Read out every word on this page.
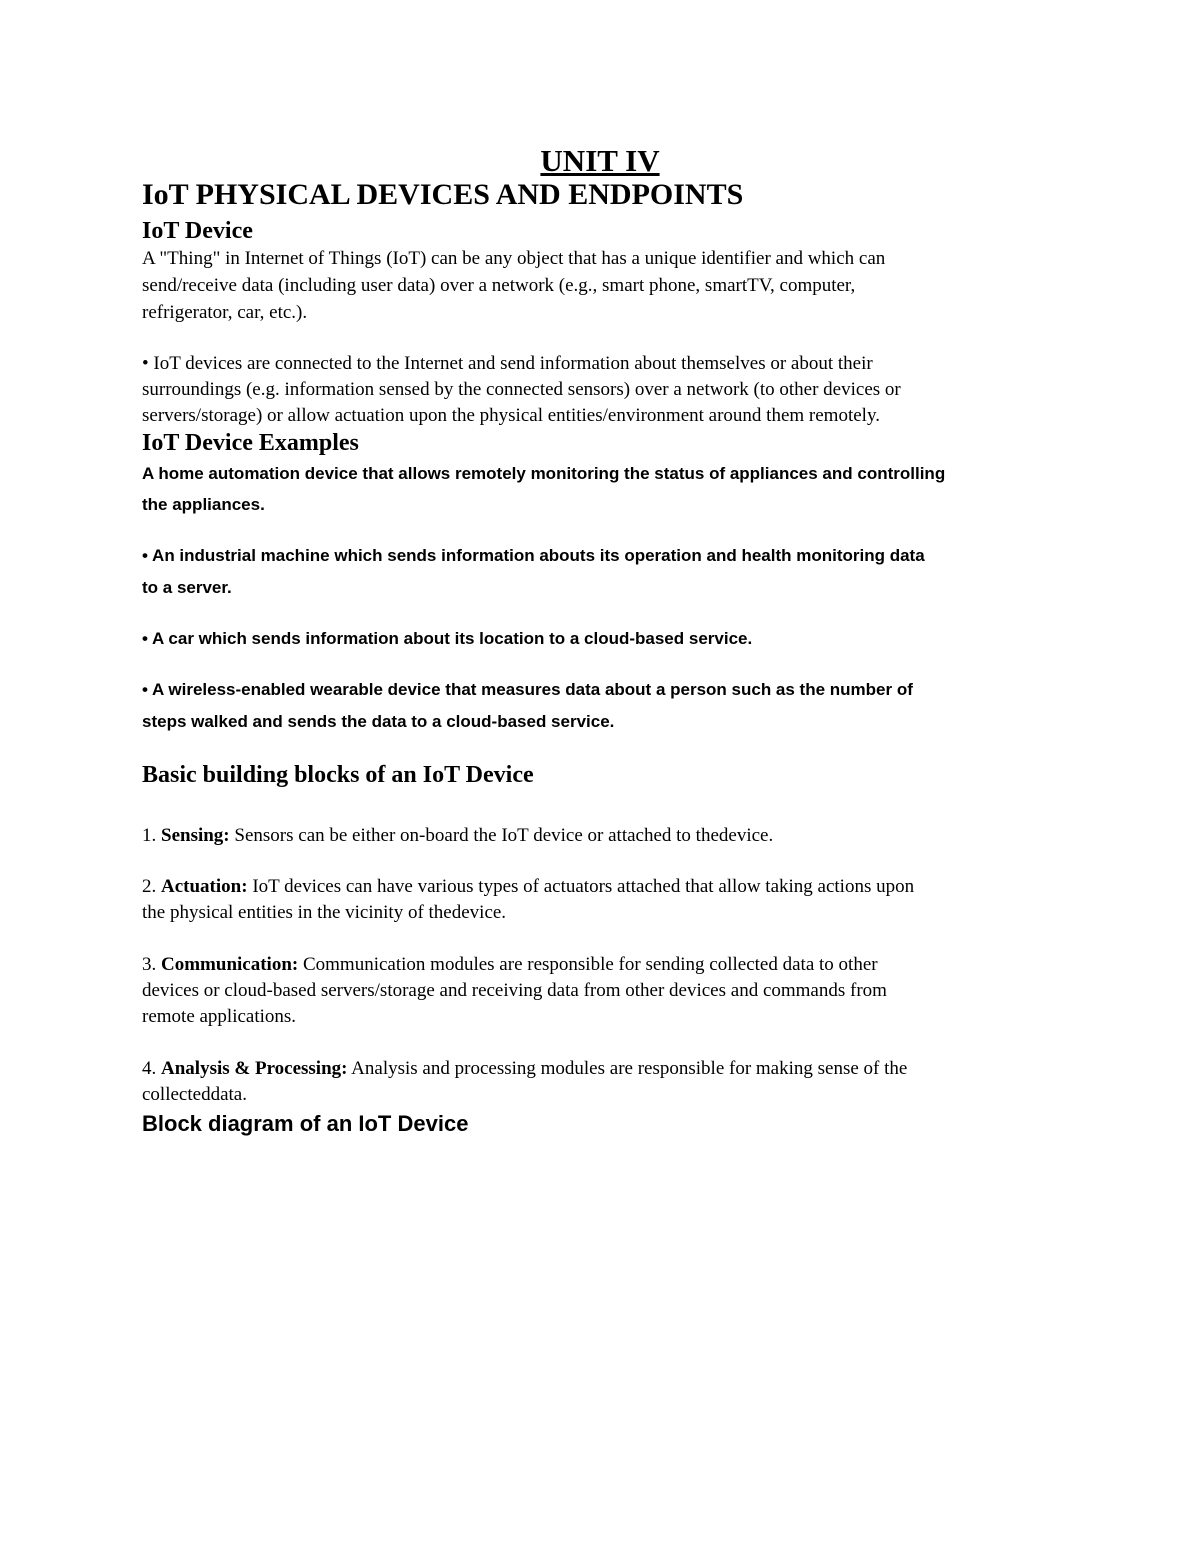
UNIT IV
IoT PHYSICAL DEVICES AND ENDPOINTS
IoT Device

A "Thing" in Internet of Things (IoT) can be any object that has a unique identifier and which can

send/receive data (including user data) over a network (e.g., smart phone, smartTV, computer,

refrigerator, car, etc.).

• IoT devices are connected to the Internet and send information about themselves or about their

surroundings (e.g. information sensed by the connected sensors) over a network (to other devices or

servers/storage) or allow actuation upon the physical entities/environment around them remotely.

IoT Device Examples

A home automation device that allows remotely monitoring the status of appliances and controlling

the appliances.

• An industrial machine which sends information abouts its operation and health monitoring data

to a server.

• A car which sends information about its location to a cloud-based service.

• A wireless-enabled wearable device that measures data about a person such as the number of

steps walked and sends the data to a cloud-based service.

Basic building blocks of an IoT Device

1. Sensing: Sensors can be either on-board the IoT device or attached to thedevice.

2. Actuation: IoT devices can have various types of actuators attached that allow taking actions upon

the physical entities in the vicinity of thedevice.

3. Communication: Communication modules are responsible for sending collected data to other

devices or cloud-based servers/storage and receiving data from other devices and commands from

remote applications.

4. Analysis & Processing: Analysis and processing modules are responsible for making sense of the

collecteddata.

Block diagram of an IoT Device
